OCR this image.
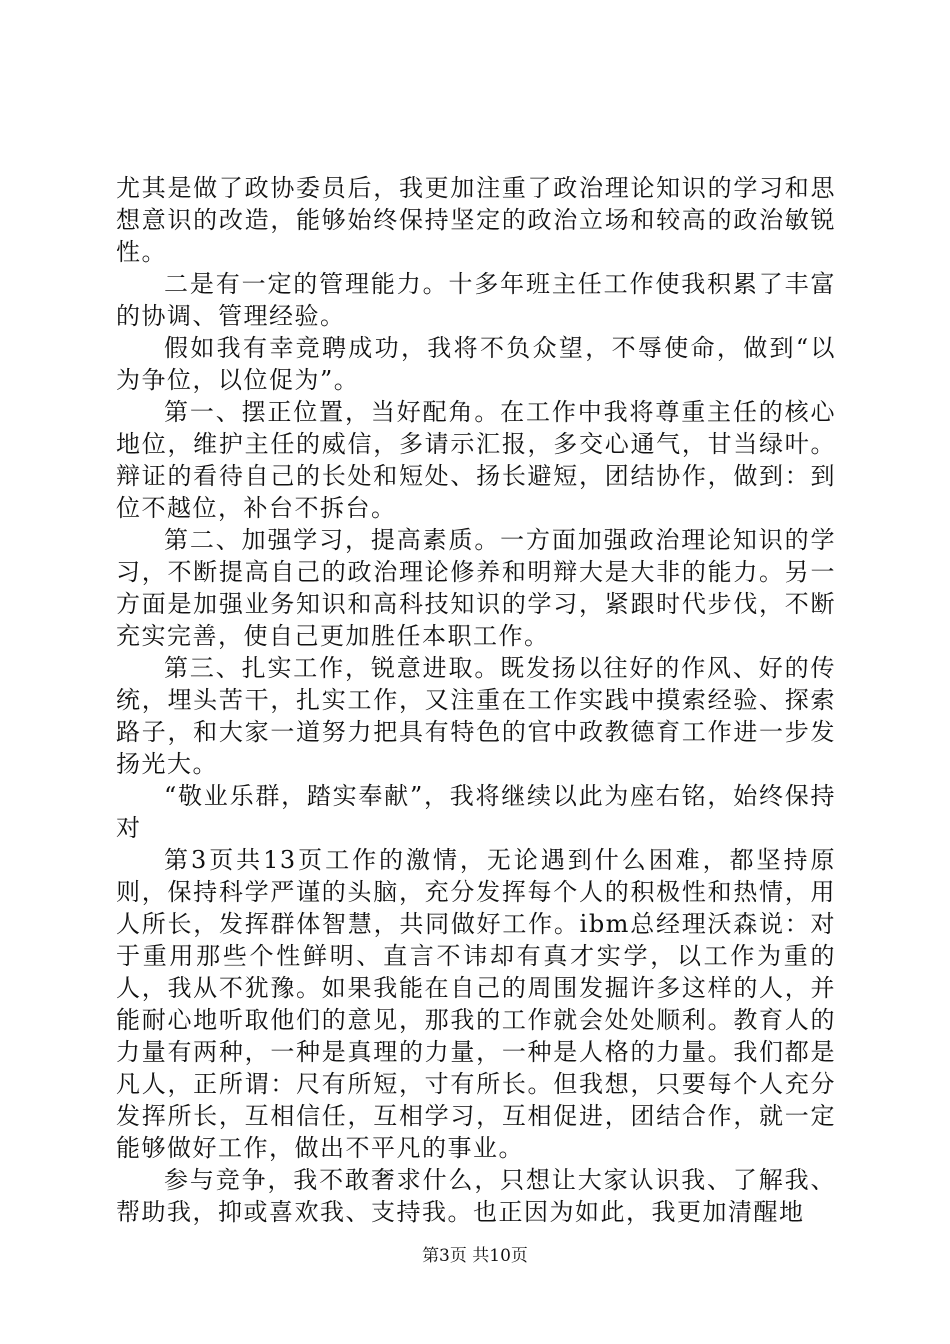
尤其是做了政协委员后，我更加注重了政治理论知识的学习和思想意识的改造，能够始终保持坚定的政治立场和较高的政治敏锐性。

二是有一定的管理能力。十多年班主任工作使我积累了丰富的协调、管理经验。

假如我有幸竞聘成功，我将不负众望，不辱使命，做到“以为争位，以位促为”。

第一、摆正位置，当好配角。在工作中我将尊重主任的核心地位，维护主任的威信，多请示汇报，多交心通气，甘当绿叶。辩证的看待自己的长处和短处、扬长避短，团结协作，做到：到位不越位，补台不拆台。

第二、加强学习，提高素质。一方面加强政治理论知识的学习，不断提高自己的政治理论修养和明辩大是大非的能力。另一方面是加强业务知识和高科技知识的学习，紧跟时代步伐，不断充实完善，使自己更加胜任本职工作。

第三、扎实工作，锐意进取。既发扬以往好的作风、好的传统，埋头苦干，扎实工作，又注重在工作实践中摸索经验、探索路子，和大家一道努力把具有特色的官中政教德育工作进一步发扬光大。

“敬业乐群，踏实奉献”，我将继续以此为座右铭，始终保持对

第3页共13页工作的激情，无论遇到什么困难，都坚持原则，保持科学严谨的头脑，充分发挥每个人的积极性和热情，用人所长，发挥群体智慧，共同做好工作。ibm总经理沃森说：对于重用那些个性鲜明、直言不讳却有真才实学，以工作为重的人，我从不犹豫。如果我能在自己的周围发掘许多这样的人，并能耐心地听取他们的意见，那我的工作就会处处顺利。教育人的力量有两种，一种是真理的力量，一种是人格的力量。我们都是凡人，正所谓：尺有所短，寸有所长。但我想，只要每个人充分发挥所长，互相信任，互相学习，互相促进，团结合作，就一定能够做好工作，做出不平凡的事业。

参与竞争，我不敢奢求什么，只想让大家认识我、了解我、帮助我，抑或喜欢我、支持我。也正因为如此，我更加清醒地

第3页 共10页
